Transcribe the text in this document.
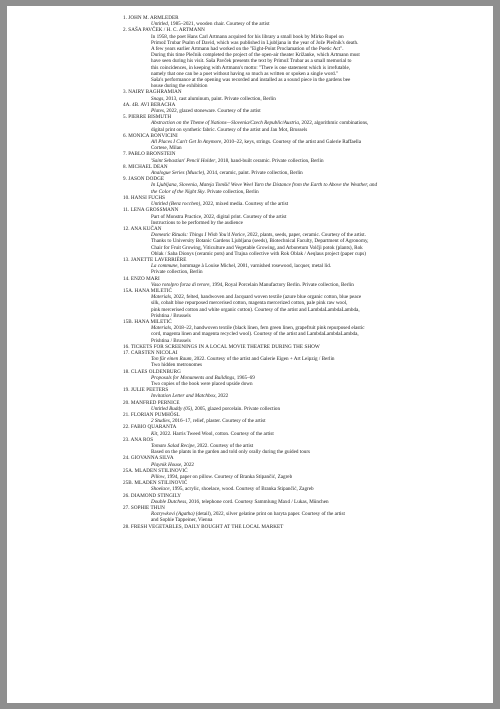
1. JOHN M. ARMLEDER
Untitled, 1985–2021, wooden chair. Courtesy of the artist
2. SAŠA PAVČEK / H. C. ARTMANN
In 1958, the poet Hans Carl Artmann acquired for his library a small book by Mirko Rupel on
Primož Trubar Psalm of David, which was published in Ljubljana in the year of Jože Plečnik's death.
A few years earlier Artmann had worked on the "Eight-Point Proclamation of the Poetic Act".
During this time Plečnik completed the project of the open-air theater Križanke, which Artmann must
have seen during his visit. Saša Pavček presents the text by Primož Trubar as a small memorial to
this coincidences, in keeping with Artmann's motto: "There is one statement which is irrefutable,
namely that one can be a poet without having so much as written or spoken a single word."
Saša's performance at the opening was recorded and installed as a sound piece in the gardens bee
house during the exhibition
3. NAIRY BAGHRAMIAN
Snags, 2013, cast aluminum, paint. Private collection, Berlin
4A. 4B. AVI BERACHA
Plates, 2022, glazed stoneware. Courtesy of the artist
5. PIERRE BISMUTH
Abstraction on the Theme of Nations—Slovenia/Czech Republic/Austria, 2022, algorithmic combinations,
digital print on synthetic fabric. Courtesy of the artist and Jan Mot, Brussels
6. MONICA BONVICINI
All Places I Can't Get In Anymore, 2010–22, keys, strings. Courtesy of the artist and Galerie Raffaella
Cortese, Milan
7. PABLO BRONSTEIN
'Saint Sebastian' Pencil Holder, 2018, hand-built ceramic. Private collection, Berlin
8. MICHAEL DEAN
Analogue Series (Muscle), 2014, ceramic, paint. Private collection, Berlin
9. JASON DODGE
In Ljubljana, Slovenia, Mateja Tomšič Wove Weel Yarn the Distance from the Earth to Above the Weather, and
the Color of the Night Sky. Private collection, Berlin
10. HANSI FUCHS
Untitled (Benz rocchen), 2022, mixed media. Courtesy of the artist
11. LENA GROSSMANN
Part of Monstra Practice, 2022, digital print. Courtesy of the artist
Instructions to be performed by the audience
12. ANA KUČAN
Domestic Rituals: Things I Wish You'd Notice, 2022, plants, seeds, paper, ceramic. Courtesy of the artist.
Thanks to University Botanic Gardens Ljubljana (seeds), Biotechnical Faculty, Department of Agronomy,
Chair for Fruit Growing, Viticulture and Vegetable Growing, and Arboretum Volčji potok (plants), Rok
Oblak / Saba Dionys (ceramic pots) and Trajna collective with Rok Oblak / Aeqlaus project (paper cups)
13. JANETTE LAVERRIÈRE
La commune, hommage à Louise Michel, 2001, varnished rosewood, lacquer, metal lid.
Private collection, Berlin
14. ENZO MARI
Vaso rotolpro forza di terore, 1994, Royal Porcelain Manufactory Berlin. Private collection, Berlin
15A. HANA MILETIĆ
Materials, 2022, felted, handwoven and Jacquard woven textile (azure blue organic cotton, blue peace
silk, cobalt blue repurposed mercerised cotton, magenta mercerized cotton, pale pink raw wool,
pink mercerised cotton and white organic cotton). Courtesy of the artist and LambdaLambdaLambda,
Prishtina / Brussels
15B. HANA MILETIĆ
Materials, 2018–22, handwoven textile (black linen, fern green linen, grapefruit pink repurposed elastic
cord, magenta linen and magenta recycled wool). Courtesy of the artist and LambdaLambdaLambda,
Prishtina / Brussels
16. TICKETS FOR SCREENINGS IN A LOCAL MOVIE THEATRE DURING THE SHOW
17. CARSTEN NICOLAI
Ton für einen Raum, 2022. Courtesy of the artist and Galerie Eigen + Art Leipzig / Berlin
Two hidden metronomes
18. CLAES OLDENBURG
Proposals for Monuments and Buildings, 1965–69
Two copies of the book were placed upside down
19. JULIE PEETERS
Invitation Letter and Matchbox, 2022
20. MANFRED PERNICE
Untitled Buddy (05), 2005, glazed porcelain. Private collection
21. FLORIAN PUMHÖSL
2 Studies, 2016–17, relief, plaster. Courtesy of the artist
22. FABIO QUARANTA
Kit, 2022. Harris Tweed Wool, cotton. Courtesy of the artist
23. ANA ROS
Tomato Salad Recipe, 2022. Courtesy of the artist
Based on the plants in the garden and told only orally during the guided tours
24. GIOVANNA SILVA
Playnik House, 2022
25A. MLADEN STILINOVIĆ
Pillow, 1994, paper on pillow. Courtesy of Branka Stipančić, Zagreb
25B. MLADEN STILINOVIĆ
Shoelace, 1995, acrylic, shoelace, wood. Courtesy of Branka Stipančić, Zagreb
26. DIAMOND STINGILY
Double Dutchess, 2016, telephone cord. Courtesy Sammlung Maxd / Lukas, München
27. SOPHIE THUN
Rozrywkovi (Agatha) (detail), 2022, silver gelatine print on baryta paper. Courtesy of the artist
and Sophie Tappeiner, Vienna
28. FRESH VEGETABLES, DAILY BOUGHT AT THE LOCAL MARKET
